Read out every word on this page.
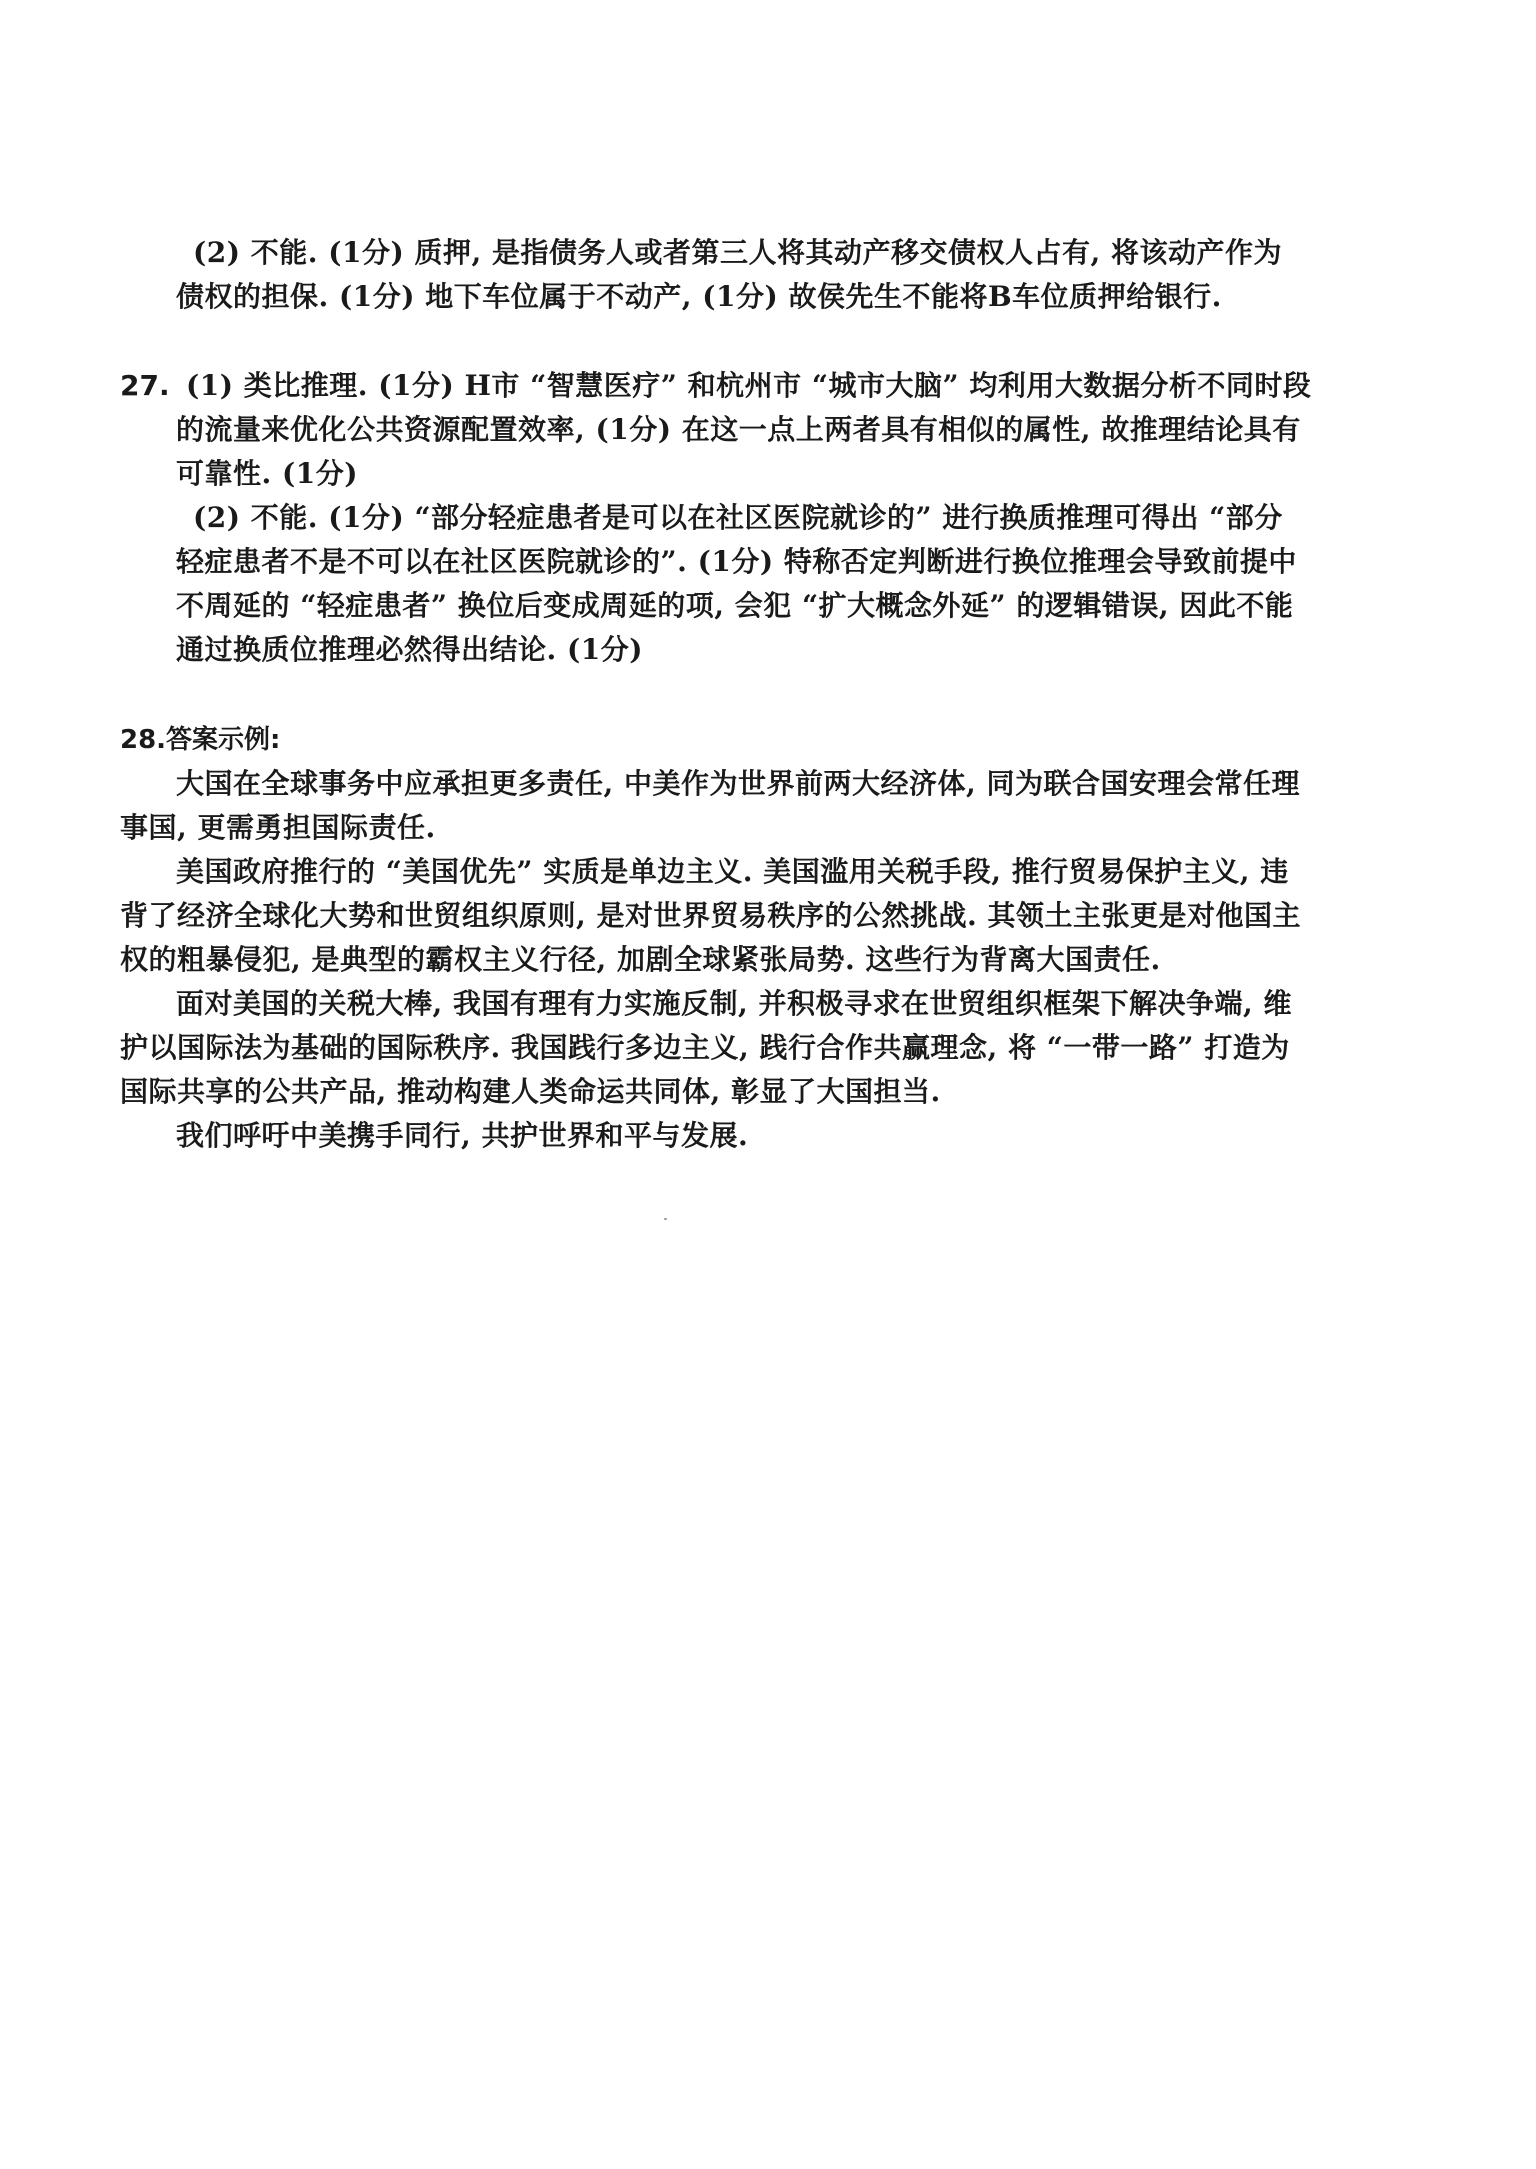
(2) 不能. (1分) 质押, 是指债务人或者第三人将其动产移交债权人占有, 将该动产作为
债权的担保. (1分) 地下车位属于不动产, (1分) 故侯先生不能将B车位质押给银行.
27. (1) 类比推理. (1分) H市 “智慧医疗” 和杭州市 “城市大脑” 均利用大数据分析不同时段
的流量来优化公共资源配置效率, (1分) 在这一点上两者具有相似的属性, 故推理结论具有
可靠性. (1分)
(2) 不能. (1分) “部分轻症患者是可以在社区医院就诊的” 进行换质推理可得出 “部分
轻症患者不是不可以在社区医院就诊的”. (1分) 特称否定判断进行换位推理会导致前提中
不周延的 “轻症患者” 换位后变成周延的项, 会犯 “扩大概念外延” 的逻辑错误, 因此不能
通过换质位推理必然得出结论. (1分)
28.答案示例:
大国在全球事务中应承担更多责任, 中美作为世界前两大经济体, 同为联合国安理会常任理
事国, 更需勇担国际责任.
美国政府推行的 “美国优先” 实质是单边主义. 美国滥用关税手段, 推行贸易保护主义, 违
背了经济全球化大势和世贸组织原则, 是对世界贸易秩序的公然挑战. 其领土主张更是对他国主
权的粗暴侵犯, 是典型的霸权主义行径, 加剧全球紧张局势. 这些行为背离大国责任.
面对美国的关税大棒, 我国有理有力实施反制, 并积极寻求在世贸组织框架下解决争端, 维
护以国际法为基础的国际秩序. 我国践行多边主义, 践行合作共赢理念, 将 “一带一路” 打造为
国际共享的公共产品, 推动构建人类命运共同体, 彰显了大国担当.
我们呼吁中美携手同行, 共护世界和平与发展.
